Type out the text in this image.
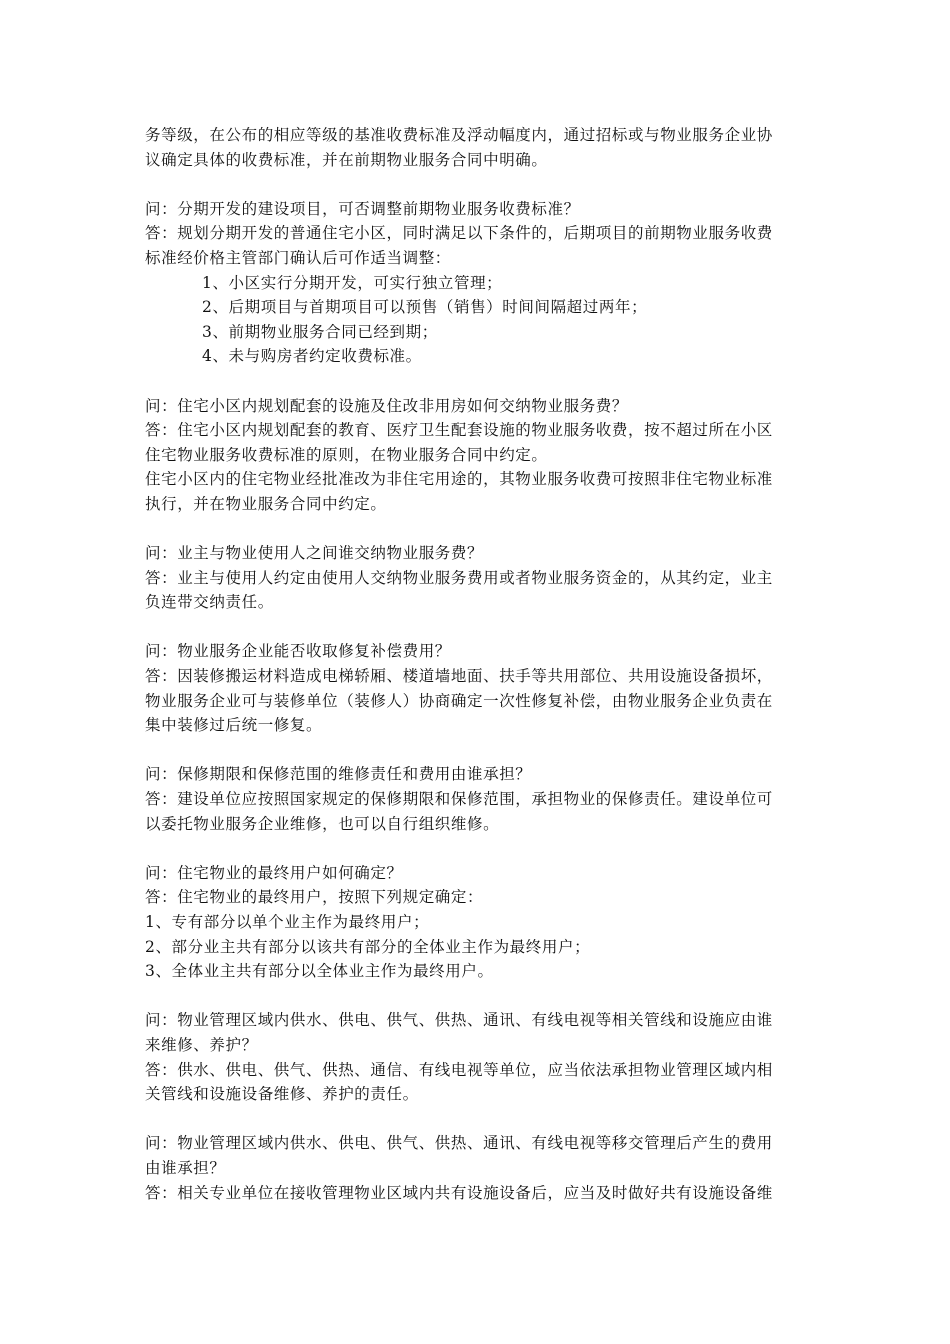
务等级，在公布的相应等级的基准收费标准及浮动幅度内，通过招标或与物业服务企业协
议确定具体的收费标准，并在前期物业服务合同中明确。
问：分期开发的建设项目，可否调整前期物业服务收费标准？
答：规划分期开发的普通住宅小区，同时满足以下条件的，后期项目的前期物业服务收费
标准经价格主管部门确认后可作适当调整：
1、小区实行分期开发，可实行独立管理；
2、后期项目与首期项目可以预售（销售）时间间隔超过两年；
3、前期物业服务合同已经到期；
4、未与购房者约定收费标准。
问：住宅小区内规划配套的设施及住改非用房如何交纳物业服务费？
答：住宅小区内规划配套的教育、医疗卫生配套设施的物业服务收费，按不超过所在小区
住宅物业服务收费标准的原则，在物业服务合同中约定。
住宅小区内的住宅物业经批准改为非住宅用途的，其物业服务收费可按照非住宅物业标准
执行，并在物业服务合同中约定。
问：业主与物业使用人之间谁交纳物业服务费？
答：业主与使用人约定由使用人交纳物业服务费用或者物业服务资金的，从其约定，业主
负连带交纳责任。
问：物业服务企业能否收取修复补偿费用？
答：因装修搬运材料造成电梯轿厢、楼道墙地面、扶手等共用部位、共用设施设备损坏，
物业服务企业可与装修单位（装修人）协商确定一次性修复补偿，由物业服务企业负责在
集中装修过后统一修复。
问：保修期限和保修范围的维修责任和费用由谁承担？
答：建设单位应按照国家规定的保修期限和保修范围，承担物业的保修责任。建设单位可
以委托物业服务企业维修，也可以自行组织维修。
问：住宅物业的最终用户如何确定？
答：住宅物业的最终用户，按照下列规定确定：
1、专有部分以单个业主作为最终用户；
2、部分业主共有部分以该共有部分的全体业主作为最终用户；
3、全体业主共有部分以全体业主作为最终用户。
问：物业管理区域内供水、供电、供气、供热、通讯、有线电视等相关管线和设施应由谁
来维修、养护？
答：供水、供电、供气、供热、通信、有线电视等单位，应当依法承担物业管理区域内相
关管线和设施设备维修、养护的责任。
问：物业管理区域内供水、供电、供气、供热、通讯、有线电视等移交管理后产生的费用
由谁承担？
答：相关专业单位在接收管理物业区域内共有设施设备后，应当及时做好共有设施设备维
